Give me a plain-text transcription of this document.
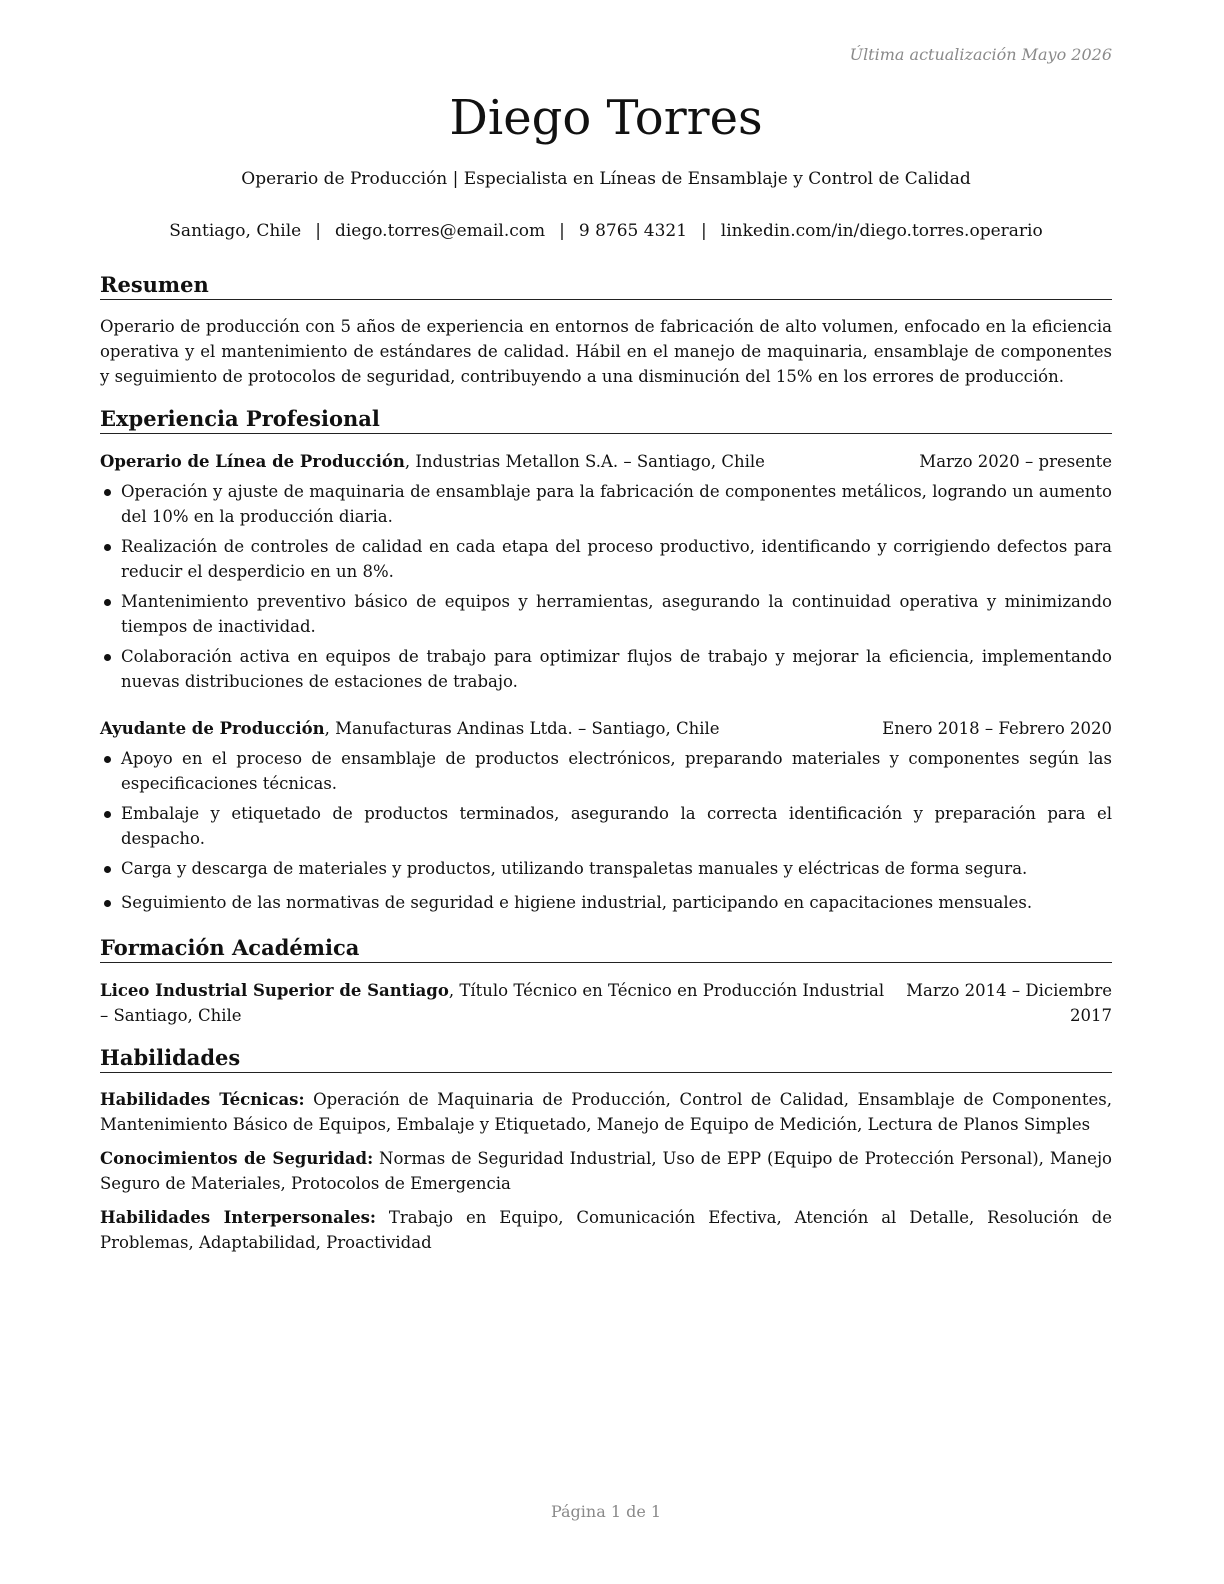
Última actualización Mayo 2026
Diego Torres
Operario de Producción | Especialista en Líneas de Ensamblaje y Control de Calidad
Santiago, Chile | diego.torres@email.com | 9 8765 4321 | linkedin.com/in/diego.torres.operario
Resumen
Operario de producción con 5 años de experiencia en entornos de fabricación de alto volumen, enfocado en la eficiencia operativa y el mantenimiento de estándares de calidad. Hábil en el manejo de maquinaria, ensamblaje de componentes y seguimiento de protocolos de seguridad, contribuyendo a una disminución del 15% en los errores de producción.
Experiencia Profesional
Operario de Línea de Producción, Industrias Metallon S.A. – Santiago, Chile	Marzo 2020 – presente
Operación y ajuste de maquinaria de ensamblaje para la fabricación de componentes metálicos, logrando un aumento del 10% en la producción diaria.
Realización de controles de calidad en cada etapa del proceso productivo, identificando y corrigiendo defectos para reducir el desperdicio en un 8%.
Mantenimiento preventivo básico de equipos y herramientas, asegurando la continuidad operativa y minimizando tiempos de inactividad.
Colaboración activa en equipos de trabajo para optimizar flujos de trabajo y mejorar la eficiencia, implementando nuevas distribuciones de estaciones de trabajo.
Ayudante de Producción, Manufacturas Andinas Ltda. – Santiago, Chile	Enero 2018 – Febrero 2020
Apoyo en el proceso de ensamblaje de productos electrónicos, preparando materiales y componentes según las especificaciones técnicas.
Embalaje y etiquetado de productos terminados, asegurando la correcta identificación y preparación para el despacho.
Carga y descarga de materiales y productos, utilizando transpaletas manuales y eléctricas de forma segura.
Seguimiento de las normativas de seguridad e higiene industrial, participando en capacitaciones mensuales.
Formación Académica
Liceo Industrial Superior de Santiago, Título Técnico en Técnico en Producción Industrial
– Santiago, Chile
Marzo 2014 – Diciembre
2017
Habilidades
Habilidades Técnicas: Operación de Maquinaria de Producción, Control de Calidad, Ensamblaje de Componentes, Mantenimiento Básico de Equipos, Embalaje y Etiquetado, Manejo de Equipo de Medición, Lectura de Planos Simples
Conocimientos de Seguridad: Normas de Seguridad Industrial, Uso de EPP (Equipo de Protección Personal), Manejo Seguro de Materiales, Protocolos de Emergencia
Habilidades Interpersonales: Trabajo en Equipo, Comunicación Efectiva, Atención al Detalle, Resolución de Problemas, Adaptabilidad, Proactividad
Página 1 de 1
